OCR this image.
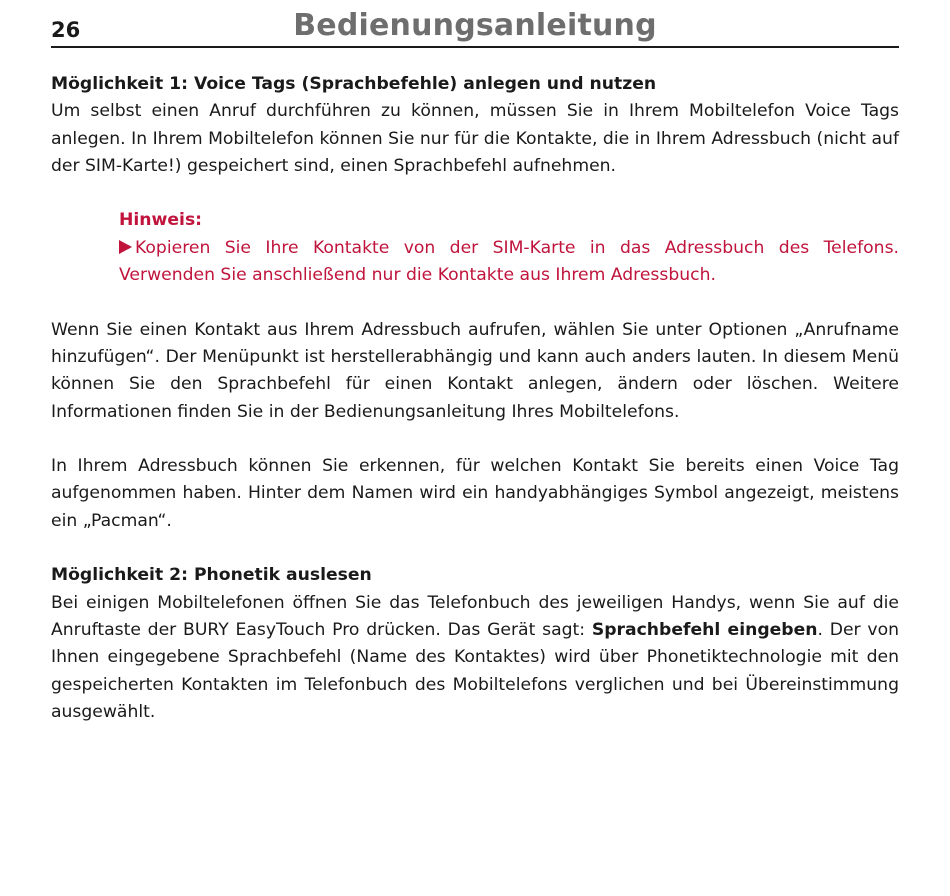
26	Bedienungsanleitung
Möglichkeit 1: Voice Tags (Sprachbefehle) anlegen und nutzen

Um selbst einen Anruf durchführen zu können, müssen Sie in Ihrem Mobiltelefon Voice Tags anlegen. In Ihrem Mobiltelefon können Sie nur für die Kontakte, die in Ihrem Adressbuch (nicht auf der SIM-Karte!) gespeichert sind, einen Sprachbefehl aufnehmen.

Hinweis:
Kopieren Sie Ihre Kontakte von der SIM-Karte in das Adressbuch des Telefons. Verwenden Sie anschließend nur die Kontakte aus Ihrem Adressbuch.

Wenn Sie einen Kontakt aus Ihrem Adressbuch aufrufen, wählen Sie unter Optionen „Anrufname hinzufügen“. Der Menüpunkt ist herstellerabhängig und kann auch anders lauten. In diesem Menü können Sie den Sprachbefehl für einen Kontakt anlegen, ändern oder löschen. Weitere Informationen finden Sie in der Bedienungsanleitung Ihres Mobiltelefons.

In Ihrem Adressbuch können Sie erkennen, für welchen Kontakt Sie bereits einen Voice Tag aufgenommen haben. Hinter dem Namen wird ein handyabhängiges Symbol angezeigt, meistens ein „Pacman“.

Möglichkeit 2: Phonetik auslesen

Bei einigen Mobiltelefonen öffnen Sie das Telefonbuch des jeweiligen Handys, wenn Sie auf die Anruftaste der BURY EasyTouch Pro drücken. Das Gerät sagt: Sprachbefehl eingeben. Der von Ihnen eingegebene Sprachbefehl (Name des Kontaktes) wird über Phonetiktechnologie mit den gespeicherten Kontakten im Telefonbuch des Mobiltelefons verglichen und bei Übereinstimmung ausgewählt.
